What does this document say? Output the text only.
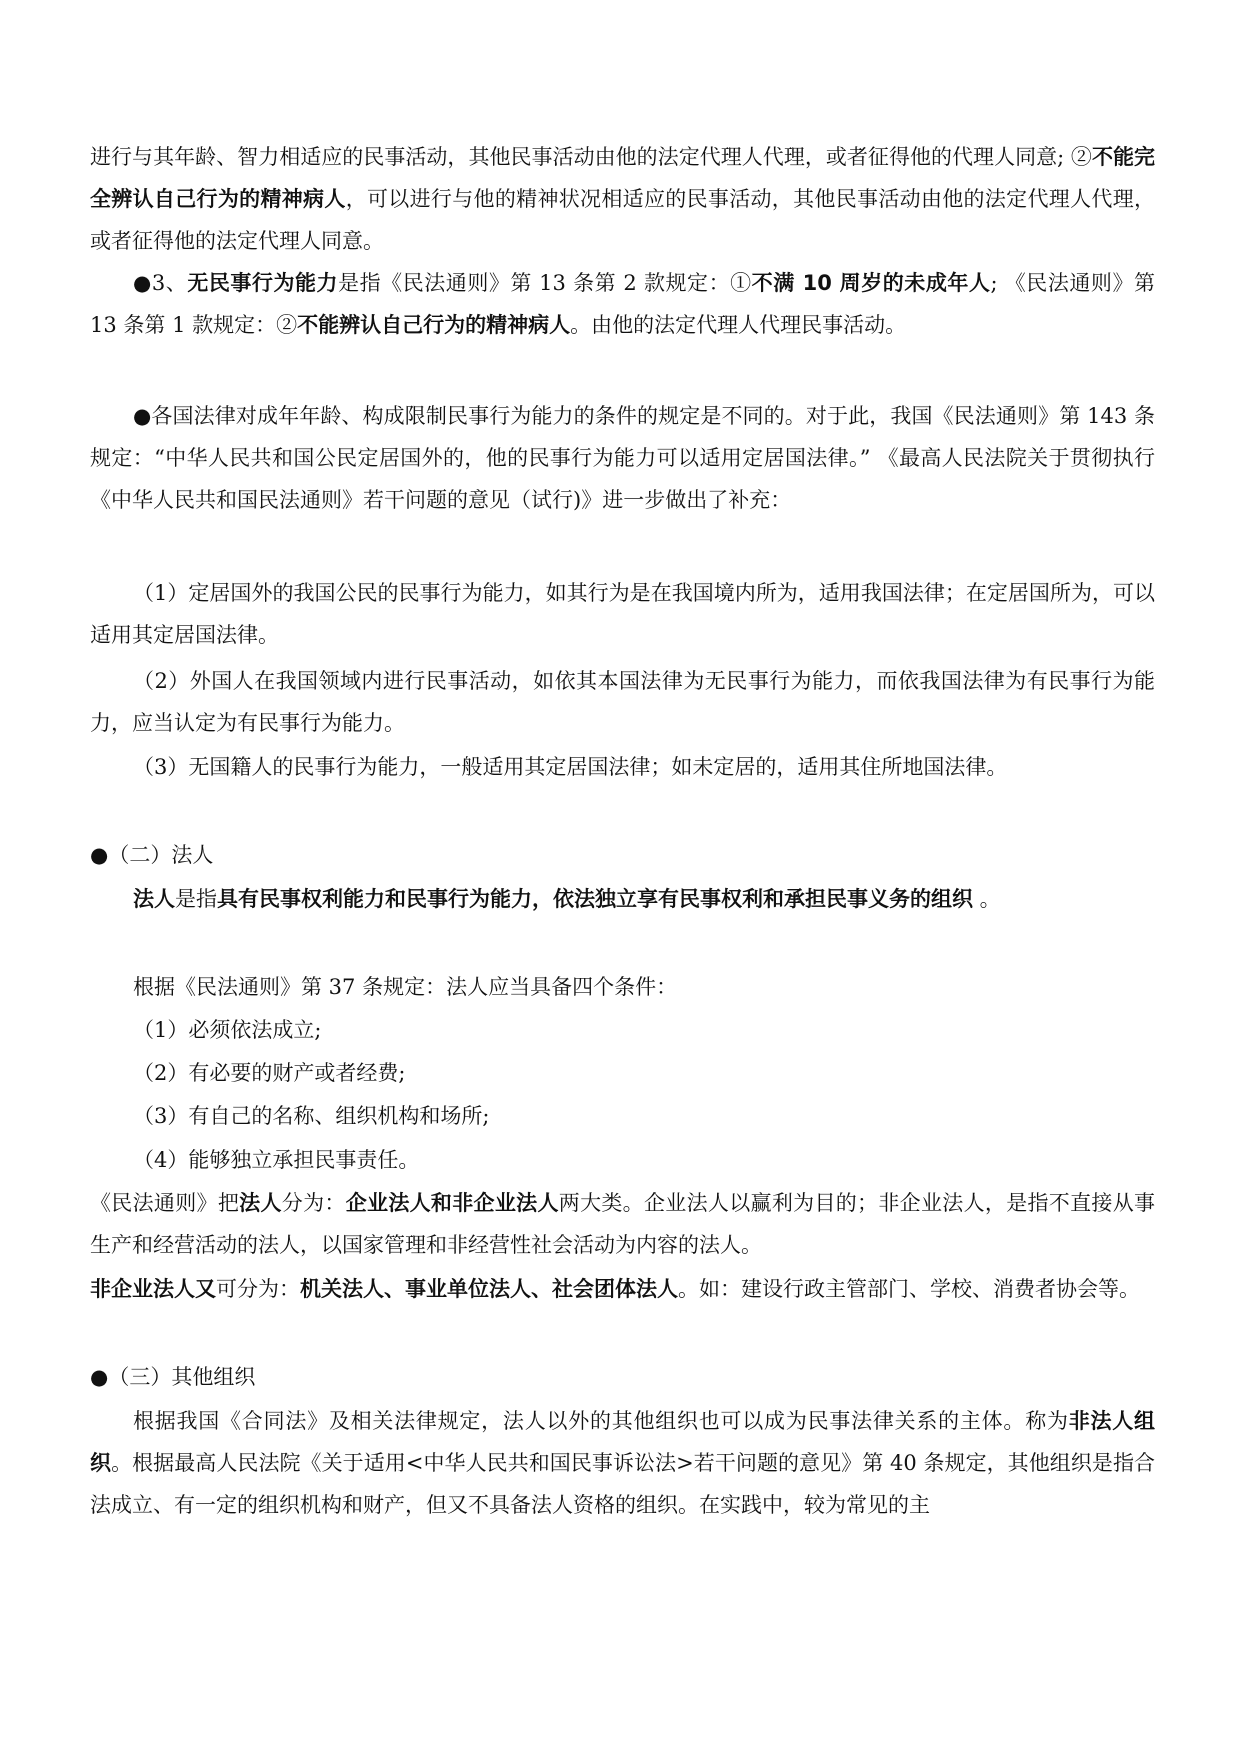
进行与其年龄、智力相适应的民事活动，其他民事活动由他的法定代理人代理，或者征得他的代理人同意; ②不能完全辨认自己行为的精神病人，可以进行与他的精神状况相适应的民事活动，其他民事活动由他的法定代理人代理，或者征得他的法定代理人同意。
●3、无民事行为能力是指《民法通则》第 13 条第 2 款规定：①不满 10 周岁的未成年人; 《民法通则》第 13 条第 1 款规定：②不能辨认自己行为的精神病人。由他的法定代理人代理民事活动。
●各国法律对成年年龄、构成限制民事行为能力的条件的规定是不同的。对于此，我国《民法通则》第 143 条规定：“中华人民共和国公民定居国外的，他的民事行为能力可以适用定居国法律。” 《最高人民法院关于贯彻执行《中华人民共和国民法通则》若干问题的意见（试行)》进一步做出了补充：
（1）定居国外的我国公民的民事行为能力，如其行为是在我国境内所为，适用我国法律；在定居国所为，可以适用其定居国法律。
（2）外国人在我国领域内进行民事活动，如依其本国法律为无民事行为能力，而依我国法律为有民事行为能力，应当认定为有民事行为能力。
（3）无国籍人的民事行为能力，一般适用其定居国法律；如未定居的，适用其住所地国法律。
●（二）法人
法人是指具有民事权利能力和民事行为能力，依法独立享有民事权利和承担民事义务的组织 。
根据《民法通则》第 37 条规定：法人应当具备四个条件：
（1）必须依法成立;
（2）有必要的财产或者经费;
（3）有自己的名称、组织机构和场所;
（4）能够独立承担民事责任。
《民法通则》把法人分为：企业法人和非企业法人两大类。企业法人以赢利为目的；非企业法人，是指不直接从事生产和经营活动的法人，以国家管理和非经营性社会活动为内容的法人。
非企业法人又可分为：机关法人、事业单位法人、社会团体法人。如：建设行政主管部门、学校、消费者协会等。
●（三）其他组织
根据我国《合同法》及相关法律规定，法人以外的其他组织也可以成为民事法律关系的主体。称为非法人组织。根据最高人民法院《关于适用<中华人民共和国民事诉讼法>若干问题的意见》第 40 条规定，其他组织是指合法成立、有一定的组织机构和财产，但又不具备法人资格的组织。在实践中，较为常见的主
